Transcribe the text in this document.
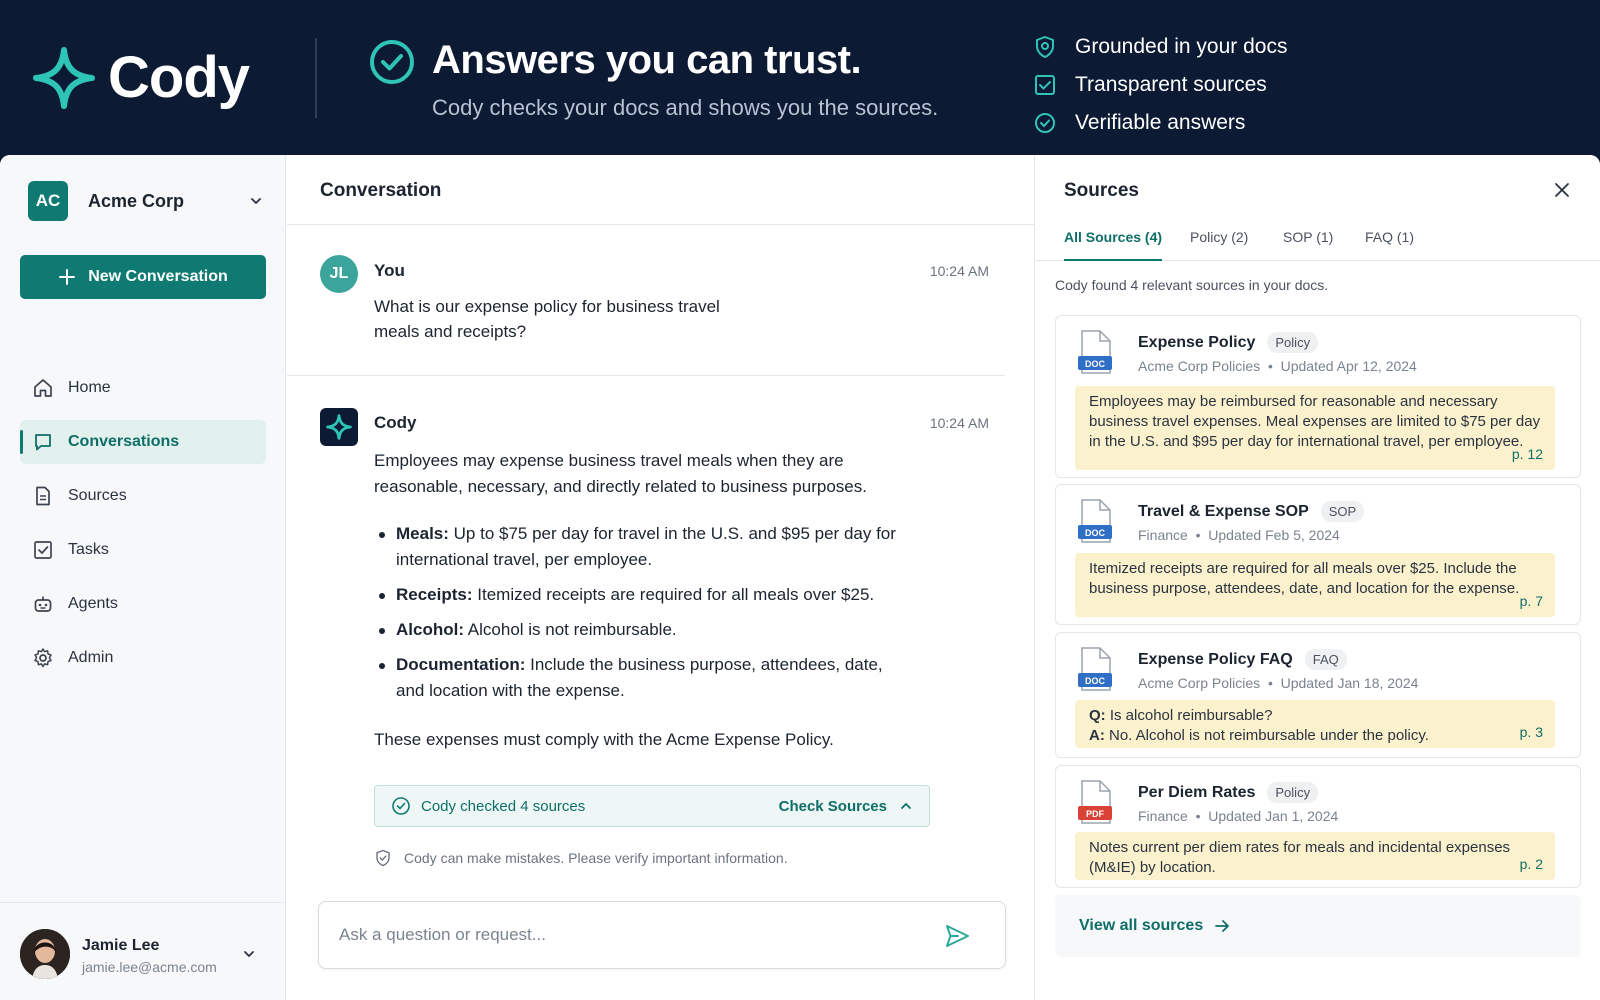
Cody	Answers you can trust.
Cody checks your docs and shows you the sources.
Grounded in your docs
Transparent sources
Verifiable answers
AC	Acme Corp
New Conversation
Home
Conversations
Sources
Tasks
Agents
Admin
Jamie Lee
jamie.lee@acme.com
Conversation
JL	You	10:24 AM
What is our expense policy for business travel meals and receipts?
Cody	10:24 AM
Employees may expense business travel meals when they are reasonable, necessary, and directly related to business purposes.
Meals: Up to $75 per day for travel in the U.S. and $95 per day for international travel, per employee.
Receipts: Itemized receipts are required for all meals over $25.
Alcohol: Alcohol is not reimbursable.
Documentation: Include the business purpose, attendees, date, and location with the expense.
These expenses must comply with the Acme Expense Policy.
Cody checked 4 sources	Check Sources
Cody can make mistakes. Please verify important information.
Ask a question or request...
Sources
All Sources (4) Policy (2) SOP (1) FAQ (1)
Cody found 4 relevant sources in your docs.
DOC
Expense Policy	Policy
Acme Corp Policies • Updated Apr 12, 2024
Employees may be reimbursed for reasonable and necessary business travel expenses. Meal expenses are limited to $75 per day in the U.S. and $95 per day for international travel, per employee.
p. 12
DOC
Travel & Expense SOP	SOP
Finance • Updated Feb 5, 2024
Itemized receipts are required for all meals over $25. Include the business purpose, attendees, date, and location for the expense.
p. 7
DOC
Expense Policy FAQ	FAQ
Acme Corp Policies • Updated Jan 18, 2024
Q: Is alcohol reimbursable?
A: No. Alcohol is not reimbursable under the policy.	p. 3
PDF
Per Diem Rates	Policy
Finance • Updated Jan 1, 2024
Notes current per diem rates for meals and incidental expenses (M&IE) by location.	p. 2
View all sources
